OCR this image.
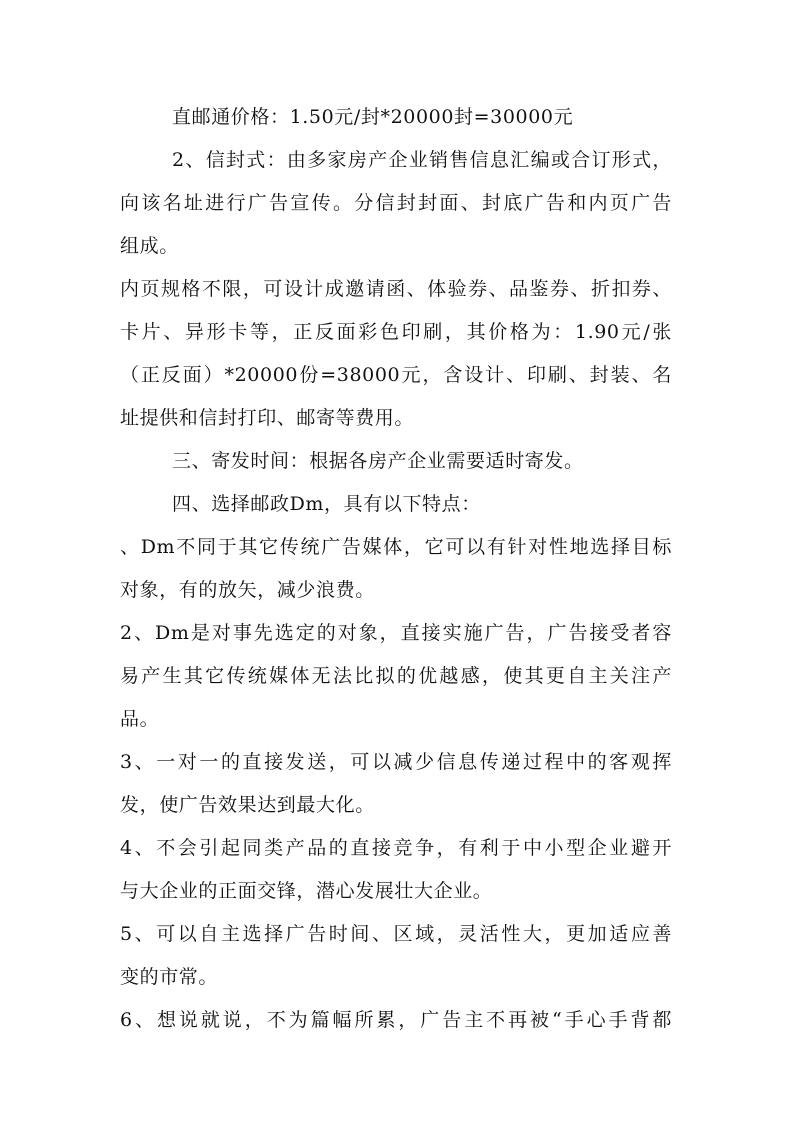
直邮通价格：1.50元/封*20000封=30000元
2、信封式：由多家房产企业销售信息汇编或合订形式，
向该名址进行广告宣传。分信封封面、封底广告和内页广告
组成。
内页规格不限，可设计成邀请函、体验券、品鉴券、折扣券、
卡片、异形卡等，正反面彩色印刷，其价格为：1.90元/张
（正反面）*20000份=38000元，含设计、印刷、封装、名
址提供和信封打印、邮寄等费用。
三、寄发时间：根据各房产企业需要适时寄发。
四、选择邮政Dm，具有以下特点：
、Dm不同于其它传统广告媒体，它可以有针对性地选择目标
对象，有的放矢，减少浪费。
2、Dm是对事先选定的对象，直接实施广告，广告接受者容
易产生其它传统媒体无法比拟的优越感，使其更自主关注产
品。
3、一对一的直接发送，可以减少信息传递过程中的客观挥
发，使广告效果达到最大化。
4、不会引起同类产品的直接竞争，有利于中小型企业避开
与大企业的正面交锋，潜心发展壮大企业。
5、可以自主选择广告时间、区域，灵活性大，更加适应善
变的市常。
6、想说就说，不为篇幅所累，广告主不再被“手心手背都
